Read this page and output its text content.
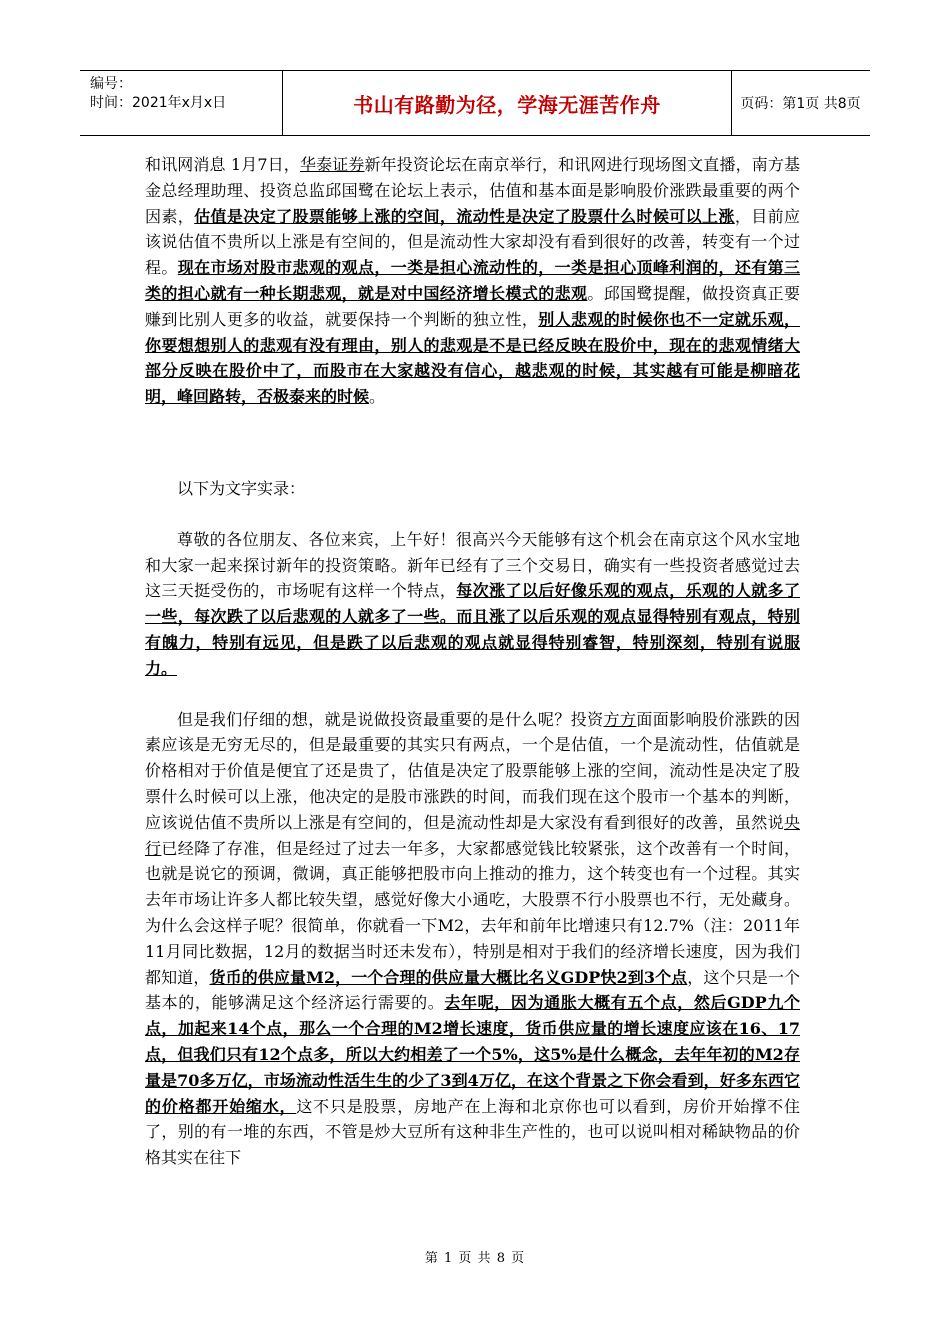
编号：
时间：2021年x月x日	书山有路勤为径，学海无涯苦作舟	页码：第1页 共8页

和讯网消息 1月7日，华泰证券新年投资论坛在南京举行，和讯网进行现场图文直播，南方基金总经理助理、投资总监邱国鹭在论坛上表示，估值和基本面是影响股价涨跌最重要的两个因素，估值是决定了股票能够上涨的空间，流动性是决定了股票什么时候可以上涨，目前应该说估值不贵所以上涨是有空间的，但是流动性大家却没有看到很好的改善，转变有一个过程。现在市场对股市悲观的观点，一类是担心流动性的，一类是担心顶峰利润的，还有第三类的担心就有一种长期悲观，就是对中国经济增长模式的悲观。邱国鹭提醒，做投资真正要赚到比别人更多的收益，就要保持一个判断的独立性，别人悲观的时候你也不一定就乐观，你要想想别人的悲观有没有理由，别人的悲观是不是已经反映在股价中，现在的悲观情绪大部分反映在股价中了，而股市在大家越没有信心，越悲观的时候，其实越有可能是柳暗花明，峰回路转，否极泰来的时候。

以下为文字实录：

尊敬的各位朋友、各位来宾，上午好！很高兴今天能够有这个机会在南京这个风水宝地和大家一起来探讨新年的投资策略。新年已经有了三个交易日，确实有一些投资者感觉过去这三天挺受伤的，市场呢有这样一个特点，每次涨了以后好像乐观的观点，乐观的人就多了一些，每次跌了以后悲观的人就多了一些。而且涨了以后乐观的观点显得特别有观点，特别有魄力，特别有远见，但是跌了以后悲观的观点就显得特别睿智，特别深刻，特别有说服力。

但是我们仔细的想，就是说做投资最重要的是什么呢？投资方方面面影响股价涨跌的因素应该是无穷无尽的，但是最重要的其实只有两点，一个是估值，一个是流动性，估值就是价格相对于价值是便宜了还是贵了，估值是决定了股票能够上涨的空间，流动性是决定了股票什么时候可以上涨，他决定的是股市涨跌的时间，而我们现在这个股市一个基本的判断，应该说估值不贵所以上涨是有空间的，但是流动性却是大家没有看到很好的改善，虽然说央行已经降了存准，但是经过了过去一年多，大家都感觉钱比较紧张，这个改善有一个时间，也就是说它的预调，微调，真正能够把股市向上推动的推力，这个转变也有一个过程。其实去年市场让许多人都比较失望，感觉好像大小通吃，大股票不行小股票也不行，无处藏身。为什么会这样子呢？很简单，你就看一下M2，去年和前年比增速只有12.7%（注：2011年11月同比数据，12月的数据当时还未发布），特别是相对于我们的经济增长速度，因为我们都知道，货币的供应量M2，一个合理的供应量大概比名义GDP快2到3个点，这个只是一个基本的，能够满足这个经济运行需要的。去年呢，因为通胀大概有五个点，然后GDP九个点，加起来14个点，那么一个合理的M2增长速度，货币供应量的增长速度应该在16、17点，但我们只有12个点多，所以大约相差了一个5%，这5%是什么概念，去年年初的M2存量是70多万亿，市场流动性活生生的少了3到4万亿，在这个背景之下你会看到，好多东西它的价格都开始缩水，这不只是股票，房地产在上海和北京你也可以看到，房价开始撑不住了，别的有一堆的东西，不管是炒大豆所有这种非生产性的，也可以说叫相对稀缺物品的价格其实在往下

第 1 页 共 8 页
